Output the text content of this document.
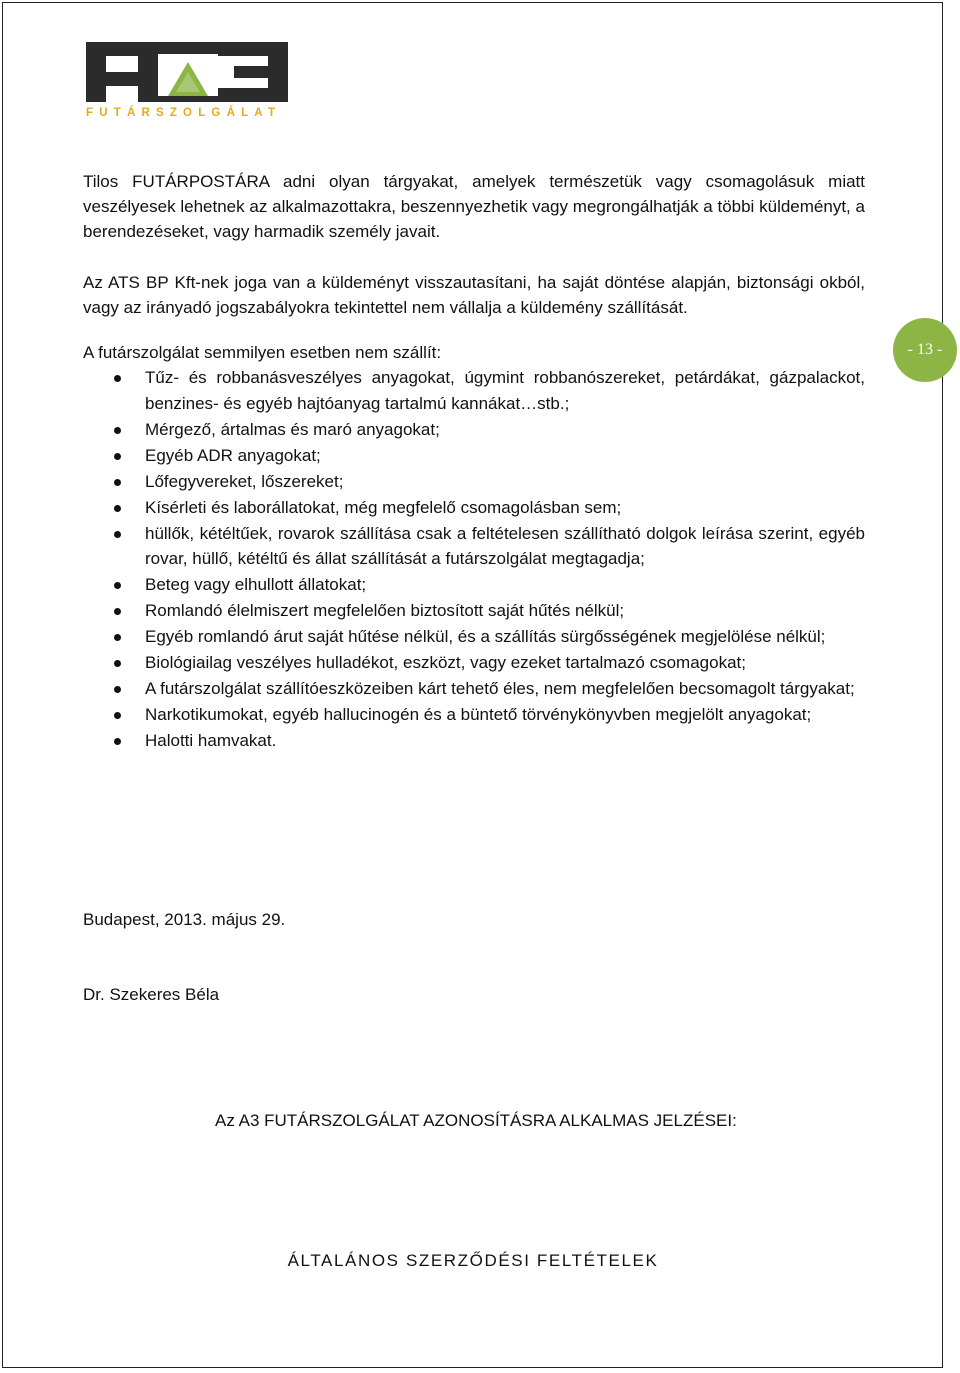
FUTÁRSZOLGÁLAT

Tilos FUTÁRPOSTÁRA adni olyan tárgyakat, amelyek természetük vagy csomagolásuk miatt veszélyesek lehetnek az alkalmazottakra, beszennyezhetik vagy megrongálhatják a többi küldeményt, a berendezéseket, vagy harmadik személy javait.

Az ATS BP Kft-nek joga van a küldeményt visszautasítani, ha saját döntése alapján, biztonsági okból, vagy az irányadó jogszabályokra tekintettel nem vállalja a küldemény szállítását.

A futárszolgálat semmilyen esetben nem szállít:

Tűz- és robbanásveszélyes anyagokat, úgymint robbanószereket, petárdákat, gázpalackot, benzines- és egyéb hajtóanyag tartalmú kannákat…stb.;
Mérgező, ártalmas és maró anyagokat;
Egyéb ADR anyagokat;
Lőfegyvereket, lőszereket;
Kísérleti és laborállatokat, még megfelelő csomagolásban sem;
hüllők, kétéltűek, rovarok szállítása csak a feltételesen szállítható dolgok leírása szerint, egyéb rovar, hüllő, kétéltű és állat szállítását a futárszolgálat megtagadja;
Beteg vagy elhullott állatokat;
Romlandó élelmiszert megfelelően biztosított saját hűtés nélkül;
Egyéb romlandó árut saját hűtése nélkül, és a szállítás sürgősségének megjelölése nélkül;
Biológiailag veszélyes hulladékot, eszközt, vagy ezeket tartalmazó csomagokat;
A futárszolgálat szállítóeszközeiben kárt tehető éles, nem megfelelően becsomagolt tárgyakat;
Narkotikumokat, egyéb hallucinogén és a büntető törvénykönyvben megjelölt anyagokat;
Halotti hamvakat.
- 13 -

Budapest, 2013. május 29.

Dr. Szekeres Béla

Az A3 FUTÁRSZOLGÁLAT AZONOSÍTÁSRA ALKALMAS JELZÉSEI:

ÁLTALÁNOS SZERZŐDÉSI FELTÉTELEK
